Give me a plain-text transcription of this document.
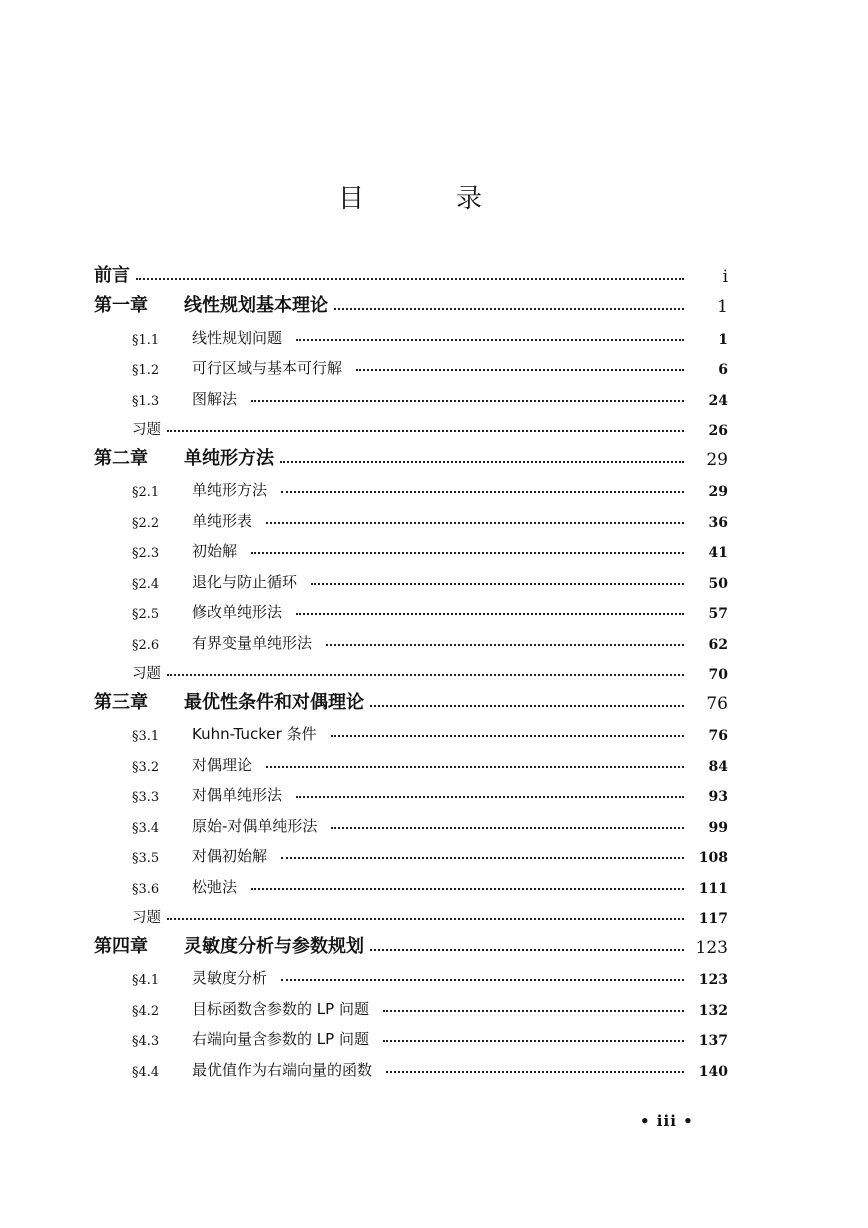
目	录
前言	i
第一章	线性规划基本理论	1
§1.1	线性规划问题	1
§1.2	可行区域与基本可行解	6
§1.3	图解法	24
习题	26
第二章	单纯形方法	29
§2.1	单纯形方法	29
§2.2	单纯形表	36
§2.3	初始解	41
§2.4	退化与防止循环	50
§2.5	修改单纯形法	57
§2.6	有界变量单纯形法	62
习题	70
第三章	最优性条件和对偶理论	76
§3.1	Kuhn-Tucker 条件	76
§3.2	对偶理论	84
§3.3	对偶单纯形法	93
§3.4	原始-对偶单纯形法	99
§3.5	对偶初始解	108
§3.6	松弛法	111
习题	117
第四章	灵敏度分析与参数规划	123
§4.1	灵敏度分析	123
§4.2	目标函数含参数的 LP 问题	132
§4.3	右端向量含参数的 LP 问题	137
§4.4	最优值作为右端向量的函数	140
• iii •
